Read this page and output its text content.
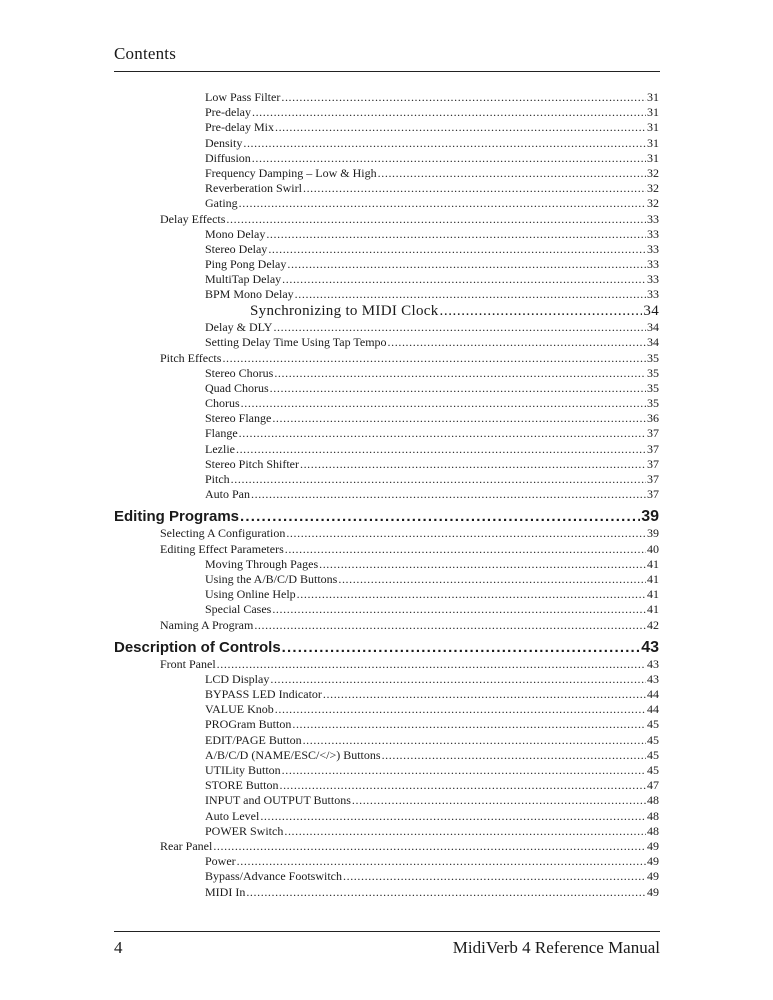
Contents
Low Pass Filter .....	31
Pre-delay .....	31
Pre-delay Mix .....	31
Density .....	31
Diffusion .....	31
Frequency Damping – Low & High .....	32
Reverberation Swirl .....	32
Gating .....	32
Delay Effects .....	33
Mono Delay .....	33
Stereo Delay .....	33
Ping Pong Delay .....	33
MultiTap Delay .....	33
BPM Mono Delay .....	33
Synchronizing to MIDI Clock .....	34
Delay & DLY .....	34
Setting Delay Time Using Tap Tempo .....	34
Pitch Effects .....	35
Stereo Chorus .....	35
Quad Chorus .....	35
Chorus .....	35
Stereo Flange .....	36
Flange .....	37
Lezlie .....	37
Stereo Pitch Shifter .....	37
Pitch .....	37
Auto Pan .....	37
Editing Programs .....	39
Selecting A Configuration .....	39
Editing Effect Parameters .....	40
Moving Through Pages .....	41
Using the A/B/C/D Buttons .....	41
Using Online Help .....	41
Special Cases .....	41
Naming A Program .....	42
Description of Controls .....	43
Front Panel .....	43
LCD Display .....	43
BYPASS LED Indicator .....	44
VALUE Knob .....	44
PROGram Button .....	45
EDIT/PAGE Button .....	45
A/B/C/D (NAME/ESC/</>) Buttons .....	45
UTILity Button .....	45
STORE Button .....	47
INPUT and OUTPUT Buttons .....	48
Auto Level .....	48
POWER Switch .....	48
Rear Panel .....	49
Power .....	49
Bypass/Advance Footswitch .....	49
MIDI In .....	49
4	MidiVerb 4 Reference Manual
